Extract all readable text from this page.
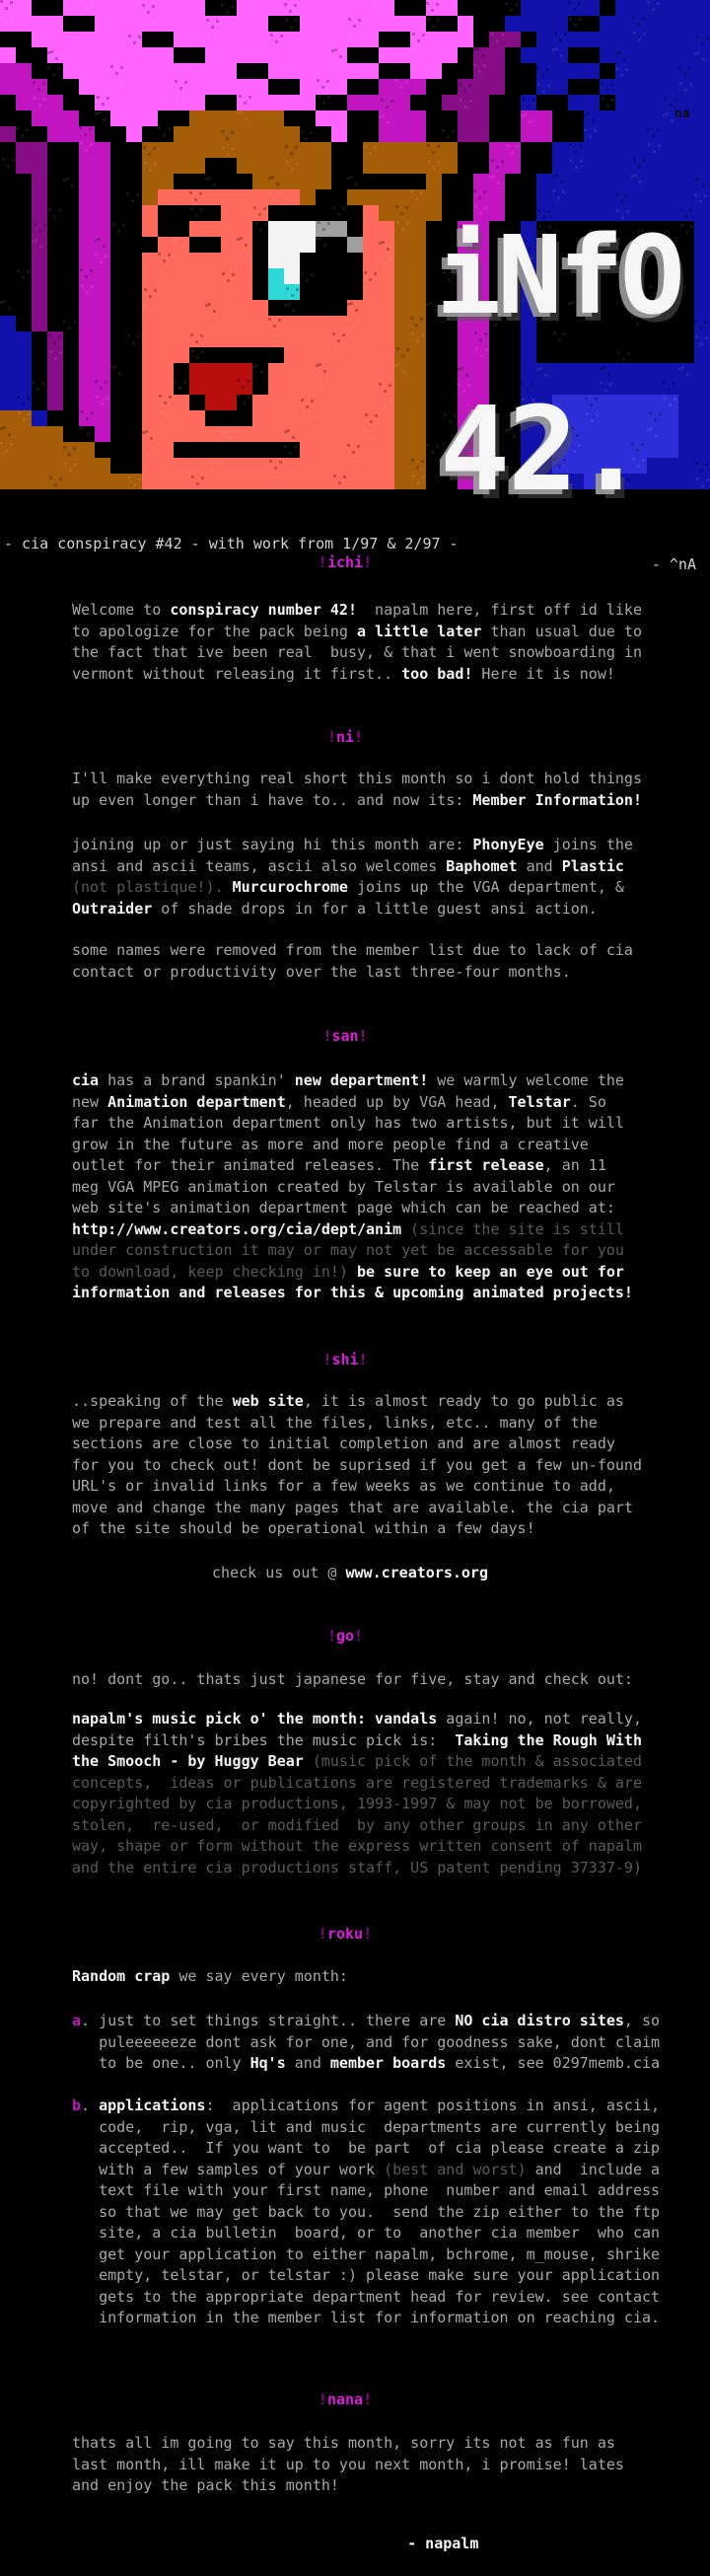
iNfO
42.
na

- cia conspiracy #42 - with work from 1/97 & 2/97 -

- ^nA

!ichi!
Welcome to conspiracy number 42!  napalm here, first off id like
to apologize for the pack being a little later than usual due to
the fact that ive been real  busy, & that i went snowboarding in
vermont without releasing it first.. too bad! Here it is now!
!ni!
I'll make everything real short this month so i dont hold things
up even longer than i have to.. and now its: Member Information!
joining up or just saying hi this month are: PhonyEye joins the
ansi and ascii teams, ascii also welcomes Baphomet and Plastic
(not plastique!). Murcurochrome joins up the VGA department, &
Outraider of shade drops in for a little guest ansi action.
some names were removed from the member list due to lack of cia
contact or productivity over the last three-four months.
!san!
cia has a brand spankin' new department! we warmly welcome the
new Animation department, headed up by VGA head, Telstar. So
far the Animation department only has two artists, but it will
grow in the future as more and more people find a creative
outlet for their animated releases. The first release, an 11
meg VGA MPEG animation created by Telstar is available on our
web site's animation department page which can be reached at:
http://www.creators.org/cia/dept/anim (since the site is still
under construction it may or may not yet be accessable for you
to download, keep checking in!) be sure to keep an eye out for
information and releases for this & upcoming animated projects!
!shi!
..speaking of the web site, it is almost ready to go public as
we prepare and test all the files, links, etc.. many of the
sections are close to initial completion and are almost ready
for you to check out! dont be suprised if you get a few un-found
URL's or invalid links for a few weeks as we continue to add,
move and change the many pages that are available. the cia part
of the site should be operational within a few days!
check us out @ www.creators.org
!go!
no! dont go.. thats just japanese for five, stay and check out:
napalm's music pick o' the month: vandals again! no, not really,
despite filth's bribes the music pick is:  Taking the Rough With
the Smooch - by Huggy Bear (music pick of the month & associated
concepts,  ideas or publications are registered trademarks & are
copyrighted by cia productions, 1993-1997 & may not be borrowed,
stolen,  re-used,  or modified  by any other groups in any other
way, shape or form without the express written consent of napalm
and the entire cia productions staff, US patent pending 37337-9)
!roku!
Random crap we say every month:
a. just to set things straight.. there are NO cia distro sites, so
puleeeeeeze dont ask for one, and for goodness sake, dont claim
to be one.. only Hq's and member boards exist, see 0297memb.cia
b. applications:  applications for agent positions in ansi, ascii,
code,  rip, vga, lit and music  departments are currently being
accepted..  If you want to  be part  of cia please create a zip
with a few samples of your work (best and worst) and  include a
text file with your first name, phone  number and email address
so that we may get back to you.  send the zip either to the ftp
site, a cia bulletin  board, or to  another cia member  who can
get your application to either napalm, bchrome, m_mouse, shrike
empty, telstar, or telstar :) please make sure your application
gets to the appropriate department head for review. see contact
information in the member list for information on reaching cia.
!nana!
thats all im going to say this month, sorry its not as fun as
last month, ill make it up to you next month, i promise! lates
and enjoy the pack this month!

- napalm
